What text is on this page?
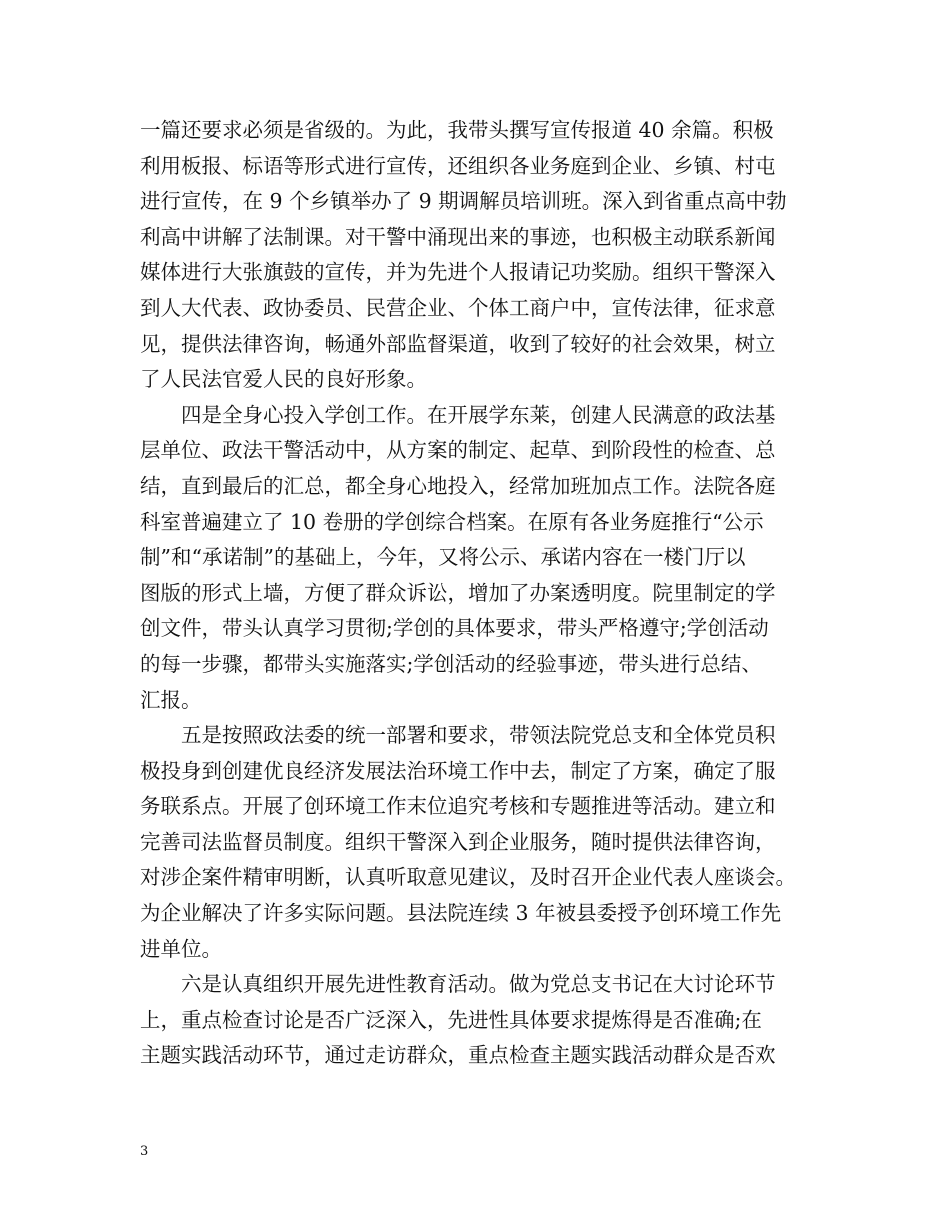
一篇还要求必须是省级的。为此，我带头撰写宣传报道 40 余篇。积极
利用板报、标语等形式进行宣传，还组织各业务庭到企业、乡镇、村屯
进行宣传，在 9 个乡镇举办了 9 期调解员培训班。深入到省重点高中勃
利高中讲解了法制课。对干警中涌现出来的事迹，也积极主动联系新闻
媒体进行大张旗鼓的宣传，并为先进个人报请记功奖励。组织干警深入
到人大代表、政协委员、民营企业、个体工商户中，宣传法律，征求意
见，提供法律咨询，畅通外部监督渠道，收到了较好的社会效果，树立
了人民法官爱人民的良好形象。
四是全身心投入学创工作。在开展学东莱，创建人民满意的政法基
层单位、政法干警活动中，从方案的制定、起草、到阶段性的检查、总
结，直到最后的汇总，都全身心地投入，经常加班加点工作。法院各庭
科室普遍建立了 10 卷册的学创综合档案。在原有各业务庭推行“公示
制”和“承诺制”的基础上，今年，又将公示、承诺内容在一楼门厅以
图版的形式上墙，方便了群众诉讼，增加了办案透明度。院里制定的学
创文件，带头认真学习贯彻;学创的具体要求，带头严格遵守;学创活动
的每一步骤，都带头实施落实;学创活动的经验事迹，带头进行总结、
汇报。
五是按照政法委的统一部署和要求，带领法院党总支和全体党员积
极投身到创建优良经济发展法治环境工作中去，制定了方案，确定了服
务联系点。开展了创环境工作末位追究考核和专题推进等活动。建立和
完善司法监督员制度。组织干警深入到企业服务，随时提供法律咨询，
对涉企案件精审明断，认真听取意见建议，及时召开企业代表人座谈会。
为企业解决了许多实际问题。县法院连续 3 年被县委授予创环境工作先
进单位。
六是认真组织开展先进性教育活动。做为党总支书记在大讨论环节
上，重点检查讨论是否广泛深入，先进性具体要求提炼得是否准确;在
主题实践活动环节，通过走访群众，重点检查主题实践活动群众是否欢
3
